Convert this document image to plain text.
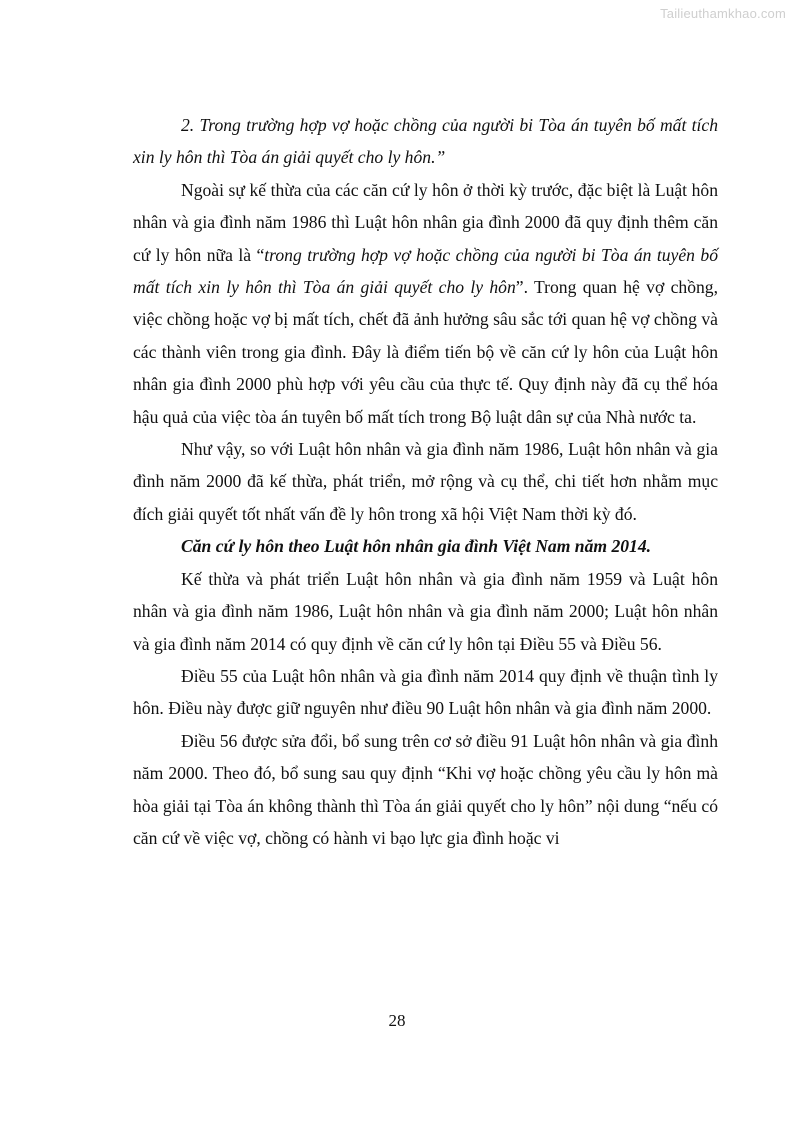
Tailieuthamkhao.com

2. Trong trường hợp vợ hoặc chồng của người bi Tòa án tuyên bố mất tích xin ly hôn thì Tòa án giải quyết cho ly hôn.”

Ngoài sự kế thừa của các căn cứ ly hôn ở thời kỳ trước, đặc biệt là Luật hôn nhân và gia đình năm 1986 thì Luật hôn nhân gia đình 2000 đã quy định thêm căn cứ ly hôn nữa là “trong trường hợp vợ hoặc chồng của người bi Tòa án tuyên bố mất tích xin ly hôn thì Tòa án giải quyết cho ly hôn”. Trong quan hệ vợ chồng, việc chồng hoặc vợ bị mất tích, chết đã ảnh hưởng sâu sắc tới quan hệ vợ chồng và các thành viên trong gia đình. Đây là điểm tiến bộ về căn cứ ly hôn của Luật hôn nhân gia đình 2000 phù hợp với yêu cầu của thực tế. Quy định này đã cụ thể hóa hậu quả của việc tòa án tuyên bố mất tích trong Bộ luật dân sự của Nhà nước ta.

Như vậy, so với Luật hôn nhân và gia đình năm 1986, Luật hôn nhân và gia đình năm 2000 đã kế thừa, phát triển, mở rộng và cụ thể, chi tiết hơn nhằm mục đích giải quyết tốt nhất vấn đề ly hôn trong xã hội Việt Nam thời kỳ đó.

Căn cứ ly hôn theo Luật hôn nhân gia đình Việt Nam năm 2014.

Kế thừa và phát triển Luật hôn nhân và gia đình năm 1959 và Luật hôn nhân và gia đình năm 1986, Luật hôn nhân và gia đình năm 2000; Luật hôn nhân và gia đình năm 2014 có quy định về căn cứ ly hôn tại Điều 55 và Điều 56.

Điều 55 của Luật hôn nhân và gia đình năm 2014 quy định về thuận tình ly hôn. Điều này được giữ nguyên như điều 90 Luật hôn nhân và gia đình năm 2000.

Điều 56 được sửa đổi, bổ sung trên cơ sở điều 91 Luật hôn nhân và gia đình năm 2000. Theo đó, bổ sung sau quy định “Khi vợ hoặc chồng yêu cầu ly hôn mà hòa giải tại Tòa án không thành thì Tòa án giải quyết cho ly hôn” nội dung “nếu có căn cứ về việc vợ, chồng có hành vi bạo lực gia đình hoặc vi

28
